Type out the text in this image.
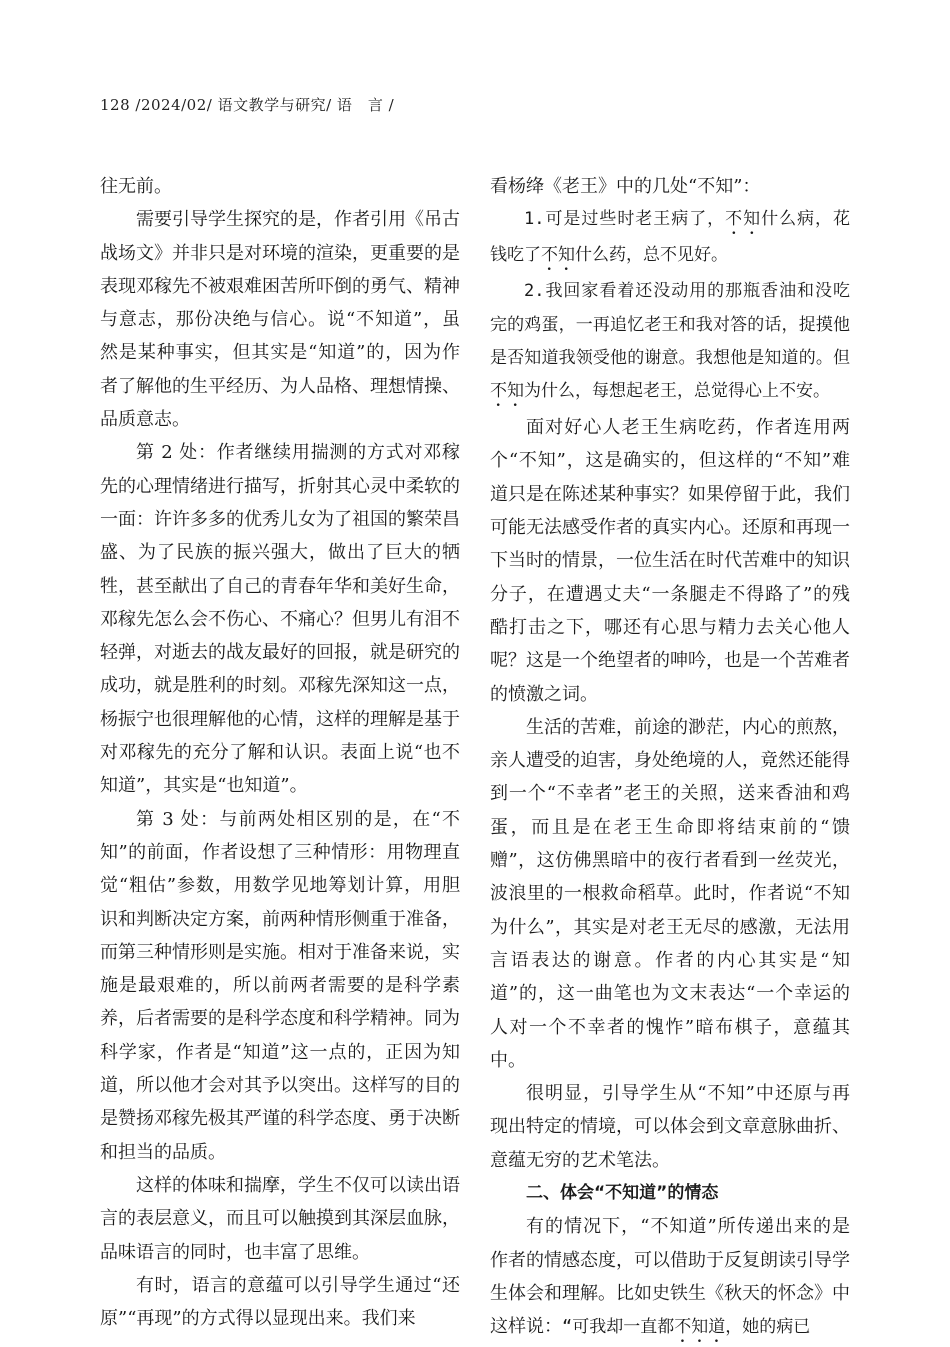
128 /2024/02/ 语文教学与研究/ 语　言 /

往无前。

需要引导学生探究的是，作者引用《吊古战场文》并非只是对环境的渲染，更重要的是表现邓稼先不被艰难困苦所吓倒的勇气、精神与意志，那份决绝与信心。说“不知道”，虽然是某种事实，但其实是“知道”的，因为作者了解他的生平经历、为人品格、理想情操、品质意志。

第 2 处：作者继续用揣测的方式对邓稼先的心理情绪进行描写，折射其心灵中柔软的一面：许许多多的优秀儿女为了祖国的繁荣昌盛、为了民族的振兴强大，做出了巨大的牺牲，甚至献出了自己的青春年华和美好生命，邓稼先怎么会不伤心、不痛心？但男儿有泪不轻弹，对逝去的战友最好的回报，就是研究的成功，就是胜利的时刻。邓稼先深知这一点，杨振宁也很理解他的心情，这样的理解是基于对邓稼先的充分了解和认识。表面上说“也不知道”，其实是“也知道”。

第 3 处：与前两处相区别的是，在“不知”的前面，作者设想了三种情形：用物理直觉“粗估”参数，用数学见地筹划计算，用胆识和判断决定方案，前两种情形侧重于准备，而第三种情形则是实施。相对于准备来说，实施是最艰难的，所以前两者需要的是科学素养，后者需要的是科学态度和科学精神。同为科学家，作者是“知道”这一点的，正因为知道，所以他才会对其予以突出。这样写的目的是赞扬邓稼先极其严谨的科学态度、勇于决断和担当的品质。

这样的体味和揣摩，学生不仅可以读出语言的表层意义，而且可以触摸到其深层血脉，品味语言的同时，也丰富了思维。

有时，语言的意蕴可以引导学生通过“还原”“再现”的方式得以显现出来。我们来

看杨绛《老王》中的几处“不知”：

1.可是过些时老王病了，不知什么病，花钱吃了不知什么药，总不见好。

2.我回家看着还没动用的那瓶香油和没吃完的鸡蛋，一再追忆老王和我对答的话，捉摸他是否知道我领受他的谢意。我想他是知道的。但不知为什么，每想起老王，总觉得心上不安。

面对好心人老王生病吃药，作者连用两个“不知”，这是确实的，但这样的“不知”难道只是在陈述某种事实？如果停留于此，我们可能无法感受作者的真实内心。还原和再现一下当时的情景，一位生活在时代苦难中的知识分子，在遭遇丈夫“一条腿走不得路了”的残酷打击之下，哪还有心思与精力去关心他人呢？这是一个绝望者的呻吟，也是一个苦难者的愤激之词。

生活的苦难，前途的渺茫，内心的煎熬，亲人遭受的迫害，身处绝境的人，竟然还能得到一个“不幸者”老王的关照，送来香油和鸡蛋，而且是在老王生命即将结束前的“馈赠”，这仿佛黑暗中的夜行者看到一丝荧光，波浪里的一根救命稻草。此时，作者说“不知为什么”，其实是对老王无尽的感激，无法用言语表达的谢意。作者的内心其实是“知道”的，这一曲笔也为文末表达“一个幸运的人对一个不幸者的愧怍”暗布棋子，意蕴其中。

很明显，引导学生从“不知”中还原与再现出特定的情境，可以体会到文章意脉曲折、意蕴无穷的艺术笔法。

二、体会“不知道”的情态

有的情况下，“不知道”所传递出来的是作者的情感态度，可以借助于反复朗读引导学生体会和理解。比如史铁生《秋天的怀念》中这样说：“可我却一直都不知道，她的病已
